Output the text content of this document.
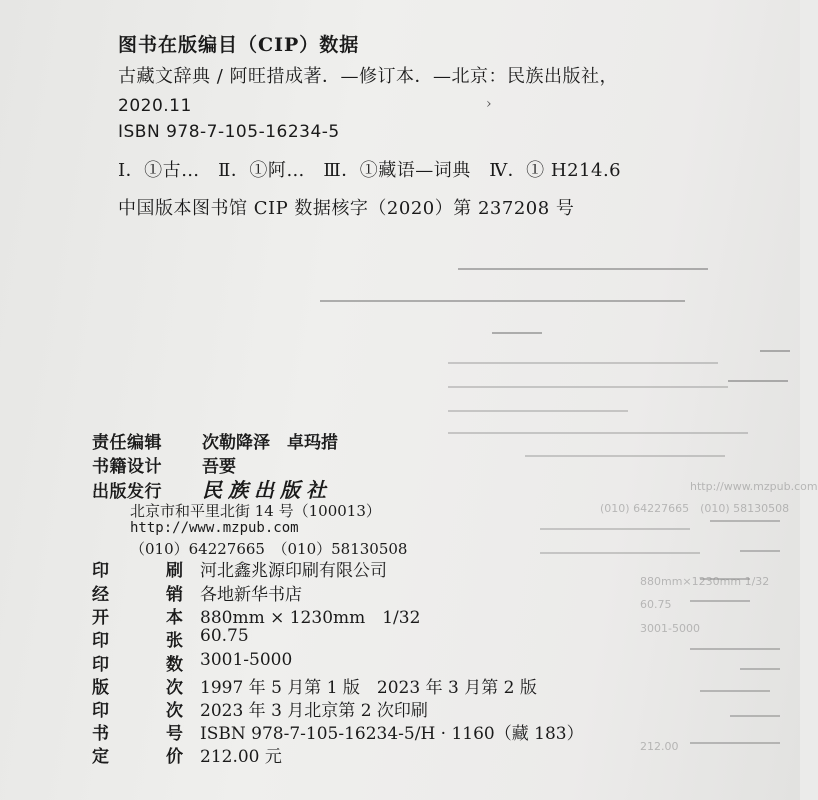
图书在版编目（CIP）数据
古藏文辞典 / 阿旺措成著．—修订本．—北京：民族出版社，
2020.11	›
ISBN 978-7-105-16234-5
Ⅰ．①古…　Ⅱ．①阿…　Ⅲ．①藏语—词典　Ⅳ．① H214.6
中国版本图书馆 CIP 数据核字（2020）第 237208 号
http://www.mzpub.com
(010) 64227665　(010) 58130508
880mm×1230mm 1/32
60.75
3001-5000
212.00
责任编辑 次勒降泽　卓玛措
书籍设计 吾要
出版发行 民族出版社
北京市和平里北街 14 号（100013）
http://www.mzpub.com
（010）64227665　（010）58130508
印	刷 河北鑫兆源印刷有限公司
经	销 各地新华书店
开	本 880mm × 1230mm　1/32
印	张 60.75
印	数 3001-5000
版	次 1997 年 5 月第 1 版　2023 年 3 月第 2 版
印	次 2023 年 3 月北京第 2 次印刷
书	号 ISBN 978-7-105-16234-5/H · 1160（藏 183）
定	价 212.00 元
